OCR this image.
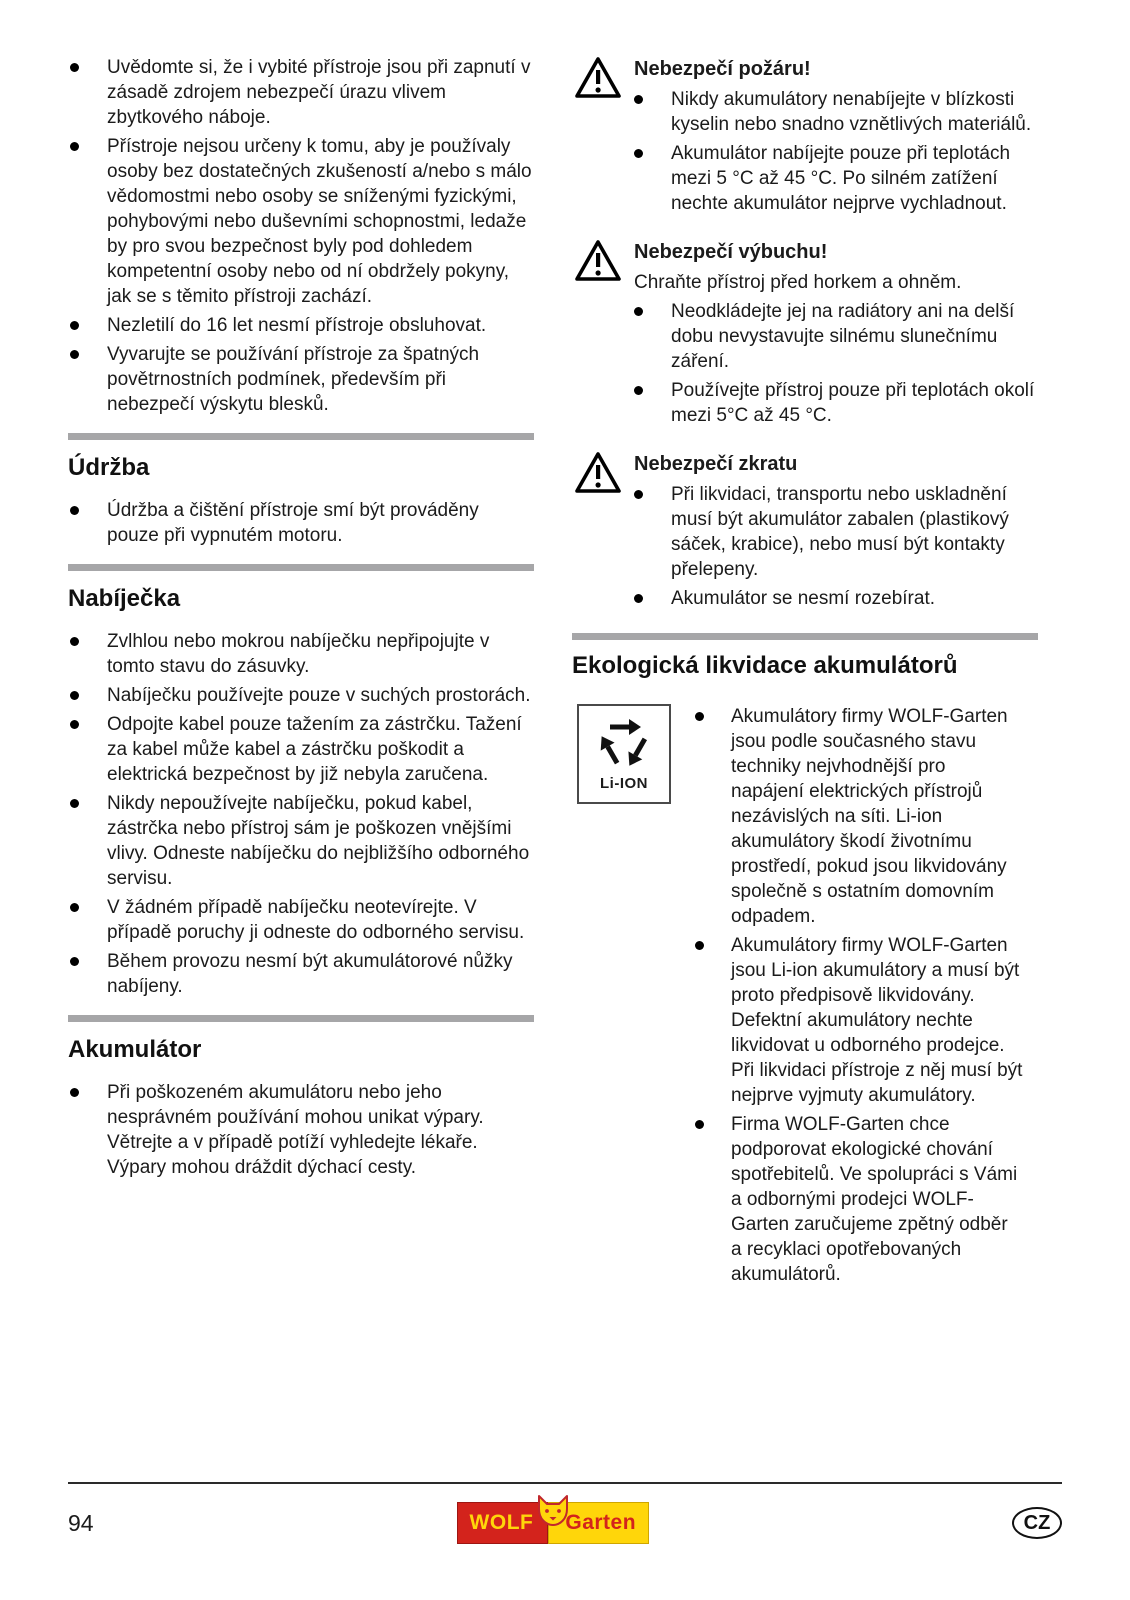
Uvědomte si, že i vybité přístroje jsou při zapnutí v zásadě zdrojem nebezpečí úrazu vlivem zbytkového náboje.
Přístroje nejsou určeny k tomu, aby je používaly osoby bez dostatečných zkušeností a/nebo s málo vědomostmi nebo osoby se sníženými fyzickými, pohybovými nebo duševními schopnostmi, ledaže by pro svou bezpečnost byly pod dohledem kompetentní osoby nebo od ní obdržely pokyny, jak se s těmito přístroji zachází.
Nezletilí do 16 let nesmí přístroje obsluhovat.
Vyvarujte se používání přístroje za špatných povětrnostních podmínek, především při nebezpečí výskytu blesků.
Údržba
Údržba a čištění přístroje smí být prováděny pouze při vypnutém motoru.
Nabíječka
Zvlhlou nebo mokrou nabíječku nepřipojujte v tomto stavu do zásuvky.
Nabíječku používejte pouze v suchých prostorách.
Odpojte kabel pouze tažením za zástrčku. Tažení za kabel může kabel a zástrčku poškodit a elektrická bezpečnost by již nebyla zaručena.
Nikdy nepoužívejte nabíječku, pokud kabel, zástrčka nebo přístroj sám je poškozen vnějšími vlivy. Odneste nabíječku do nejbližšího odborného servisu.
V žádném případě nabíječku neotevírejte. V případě poruchy ji odneste do odborného servisu.
Během provozu nesmí být akumulátorové nůžky nabíjeny.
Akumulátor
Při poškozeném akumulátoru nebo jeho nesprávném používání mohou unikat výpary. Větrejte a v případě potíží vyhledejte lékaře. Výpary mohou dráždit dýchací cesty.
Nebezpečí požáru!
Nikdy akumulátory nenabíjejte v blízkosti kyselin nebo snadno vznětlivých materiálů.
Akumulátor nabíjejte pouze při teplotách mezi 5 °C až 45 °C. Po silném zatížení nechte akumulátor nejprve vychladnout.
Nebezpečí výbuchu!

Chraňte přístroj před horkem a ohněm.

Neodkládejte jej na radiátory ani na delší dobu nevystavujte silnému slunečnímu záření.
Používejte přístroj pouze při teplotách okolí mezi 5°C až 45 °C.
Nebezpečí zkratu
Při likvidaci, transportu nebo uskladnění musí být akumulátor zabalen (plastikový sáček, krabice), nebo musí být kontakty přelepeny.
Akumulátor se nesmí rozebírat.
Ekologická likvidace akumulátorů
Li-ION
Akumulátory firmy WOLF-Garten jsou podle současného stavu techniky nejvhodnější pro napájení elektrických přístrojů nezávislých na síti. Li-ion akumulátory škodí životnímu prostředí, pokud jsou likvidovány společně s ostatním domovním odpadem.
Akumulátory firmy WOLF-Garten jsou Li-ion akumulátory a musí být proto předpisově likvidovány. Defektní akumulátory nechte likvidovat u odborného prodejce. Při likvidaci přístroje z něj musí být nejprve vyjmuty akumulátory.
Firma WOLF-Garten chce podporovat ekologické chování spotřebitelů. Ve spolupráci s Vámi a odbornými prodejci WOLF-Garten zaručujeme zpětný odběr a recyklaci opotřebovaných akumulátorů.
94	WOLF	Garten	CZ
